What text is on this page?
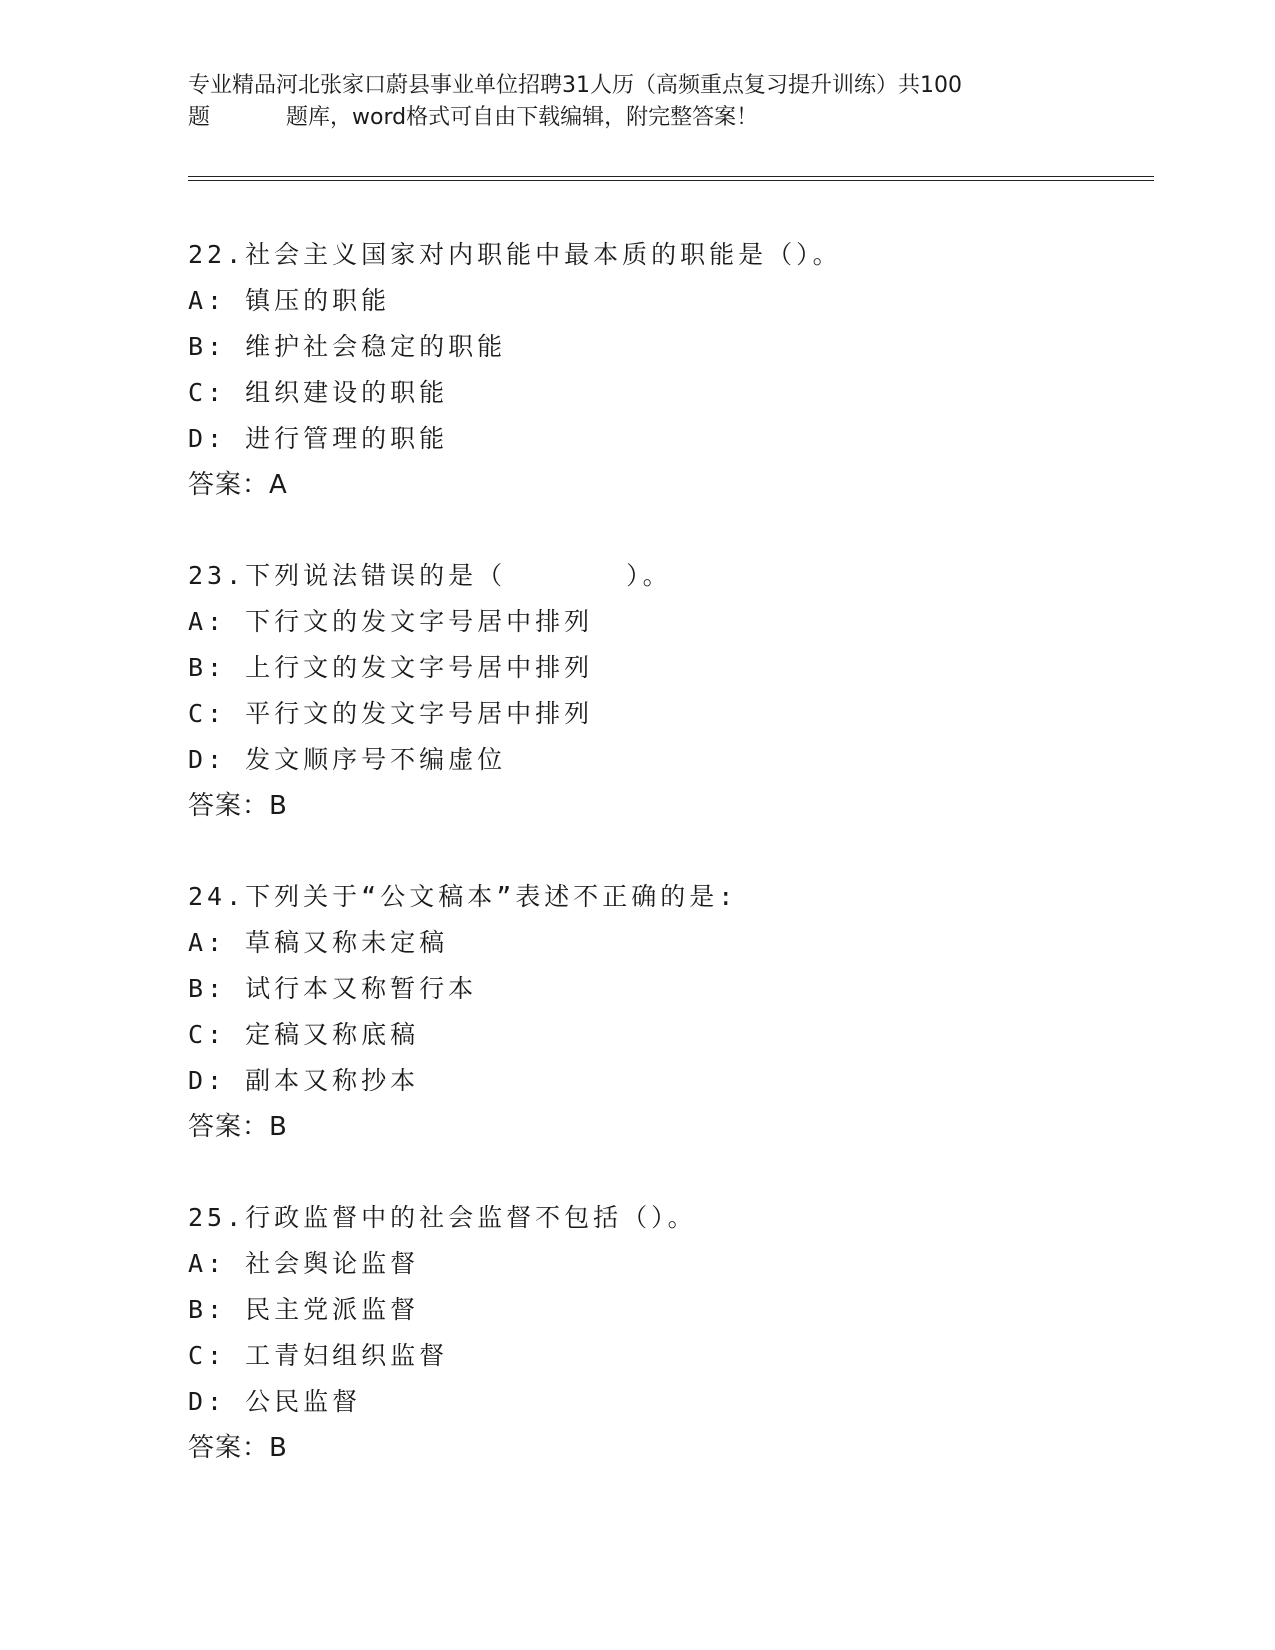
专业精品河北张家口蔚县事业单位招聘31人历（高频重点复习提升训练）共100
题	题库，word格式可自由下载编辑，附完整答案！
22.社会主义国家对内职能中最本质的职能是（）。
A: 镇压的职能
B: 维护社会稳定的职能
C: 组织建设的职能
D: 进行管理的职能
答案：A
23.下列说法错误的是（	）。
A: 下行文的发文字号居中排列
B: 上行文的发文字号居中排列
C: 平行文的发文字号居中排列
D: 发文顺序号不编虚位
答案：B
24.下列关于“公文稿本”表述不正确的是:
A: 草稿又称未定稿
B: 试行本又称暂行本
C: 定稿又称底稿
D: 副本又称抄本
答案：B
25.行政监督中的社会监督不包括（）。
A: 社会舆论监督
B: 民主党派监督
C: 工青妇组织监督
D: 公民监督
答案：B
